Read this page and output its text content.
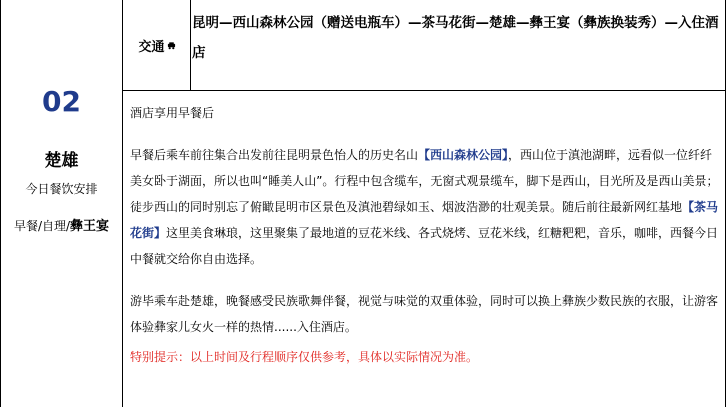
02
楚雄
今日餐饮安排
早餐/自理/彝王宴
交通
昆明—西山森林公园（赠送电瓶车）—茶马花街—楚雄—彝王宴（彝族换装秀）—入住酒店

酒店享用早餐后

早餐后乘车前往集合出发前往昆明景色怡人的历史名山【西山森林公园】，西山位于滇池湖畔，远看似一位纤纤美女卧于湖面，所以也叫“睡美人山”。行程中包含缆车，无窗式观景缆车，脚下是西山，目光所及是西山美景；徒步西山的同时别忘了俯瞰昆明市区景色及滇池碧绿如玉、烟波浩渺的壮观美景。随后前往最新网红基地【茶马花街】这里美食琳琅，这里聚集了最地道的豆花米线、各式烧烤、豆花米线，红糖粑粑，音乐，咖啡，西餐今日中餐就交给你自由选择。

游毕乘车赴楚雄，晚餐感受民族歌舞伴餐，视觉与味觉的双重体验，同时可以换上彝族少数民族的衣服，让游客体验彝家儿女火一样的热情......入住酒店。

特别提示：以上时间及行程顺序仅供参考，具体以实际情况为准。
